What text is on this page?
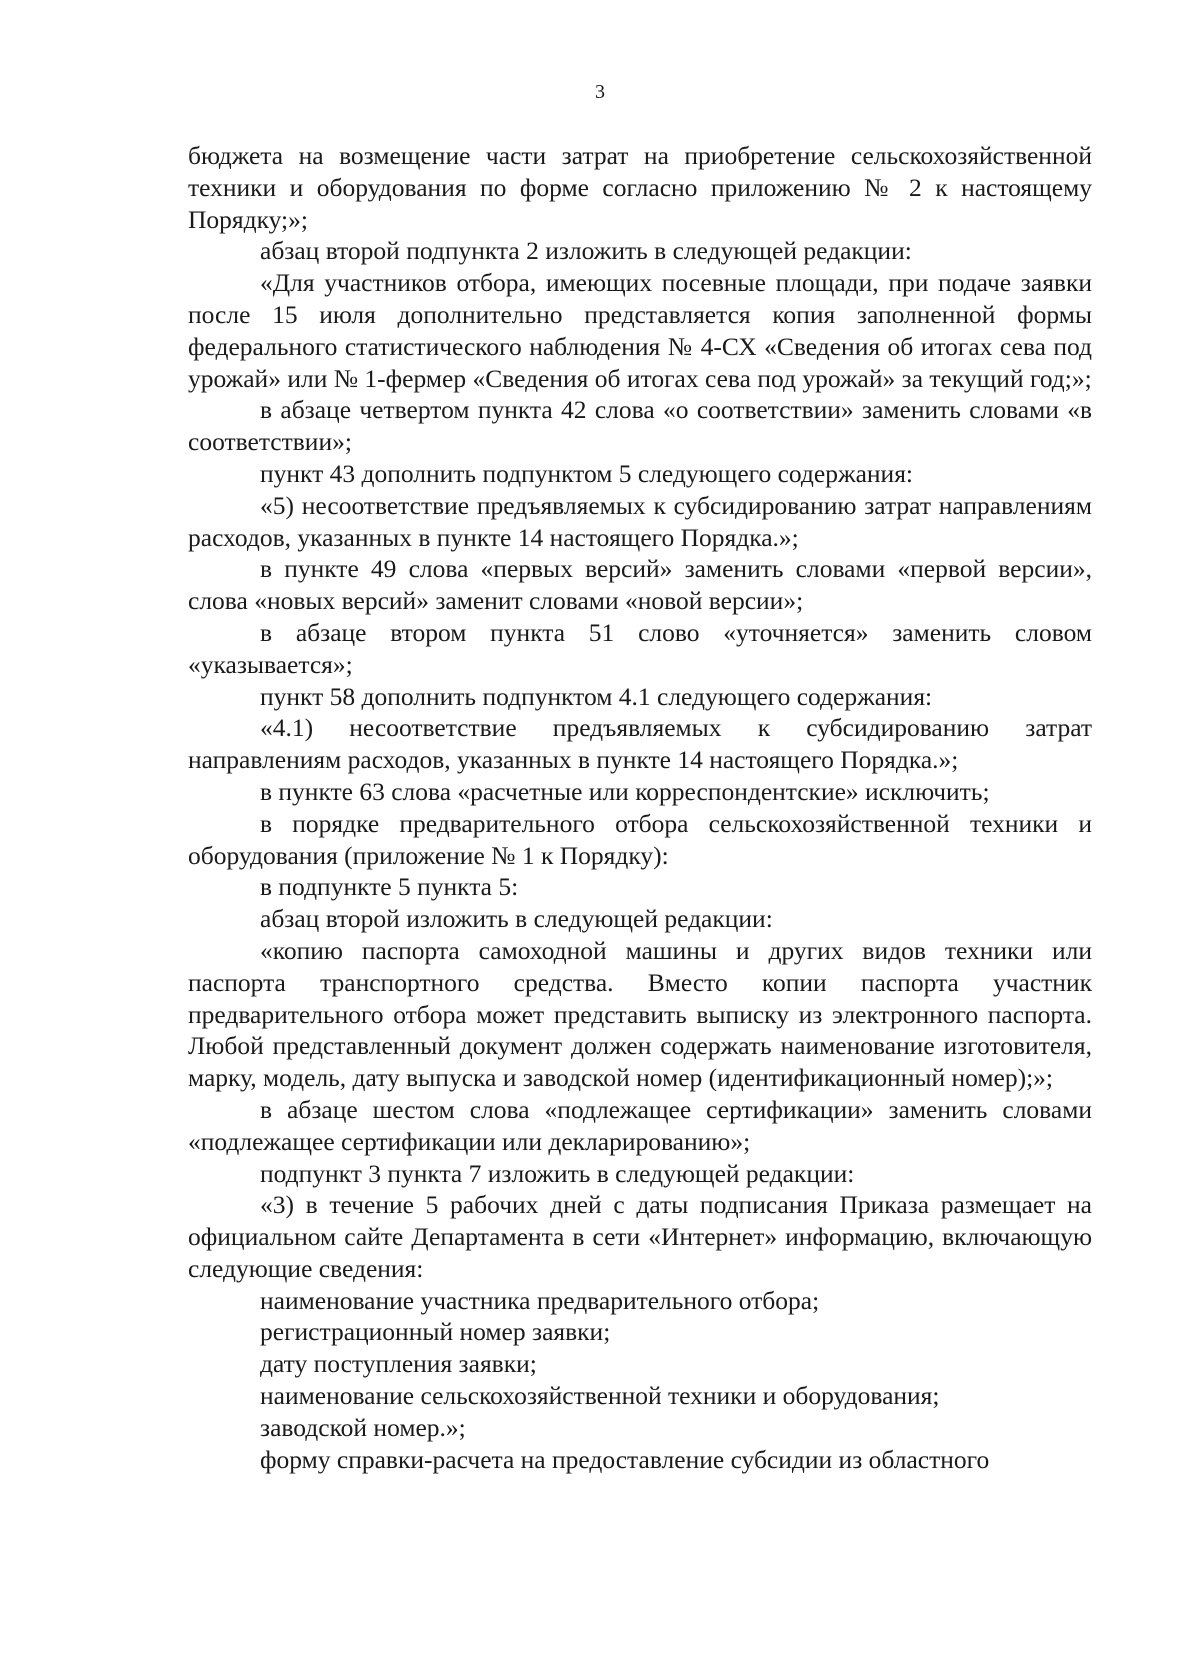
3

бюджета на возмещение части затрат на приобретение сельскохозяйственной техники и оборудования по форме согласно приложению № 2 к настоящему Порядку;»;

абзац второй подпункта 2 изложить в следующей редакции:

«Для участников отбора, имеющих посевные площади, при подаче заявки после 15 июля дополнительно представляется копия заполненной формы федерального статистического наблюдения № 4-СХ «Сведения об итогах сева под урожай» или № 1-фермер «Сведения об итогах сева под урожай» за текущий год;»;

в абзаце четвертом пункта 42 слова «о соответствии» заменить словами «в соответствии»;

пункт 43 дополнить подпунктом 5 следующего содержания:

«5) несоответствие предъявляемых к субсидированию затрат направлениям расходов, указанных в пункте 14 настоящего Порядка.»;

в пункте 49 слова «первых версий» заменить словами «первой версии», слова «новых версий» заменит словами «новой версии»;

в абзаце втором пункта 51 слово «уточняется» заменить словом «указывается»;

пункт 58 дополнить подпунктом 4.1 следующего содержания:

«4.1) несоответствие предъявляемых к субсидированию затрат направлениям расходов, указанных в пункте 14 настоящего Порядка.»;

в пункте 63 слова «расчетные или корреспондентские» исключить;

в порядке предварительного отбора сельскохозяйственной техники и оборудования (приложение № 1 к Порядку):

в подпункте 5 пункта 5:

абзац второй изложить в следующей редакции:

«копию паспорта самоходной машины и других видов техники или паспорта транспортного средства. Вместо копии паспорта участник предварительного отбора может представить выписку из электронного паспорта. Любой представленный документ должен содержать наименование изготовителя, марку, модель, дату выпуска и заводской номер (идентификационный номер);»;

в абзаце шестом слова «подлежащее сертификации» заменить словами «подлежащее сертификации или декларированию»;

подпункт 3 пункта 7 изложить в следующей редакции:

«3) в течение 5 рабочих дней с даты подписания Приказа размещает на официальном сайте Департамента в сети «Интернет» информацию, включающую следующие сведения:

наименование участника предварительного отбора;

регистрационный номер заявки;

дату поступления заявки;

наименование сельскохозяйственной техники и оборудования;

заводской номер.»;

форму справки-расчета на предоставление субсидии из областного
